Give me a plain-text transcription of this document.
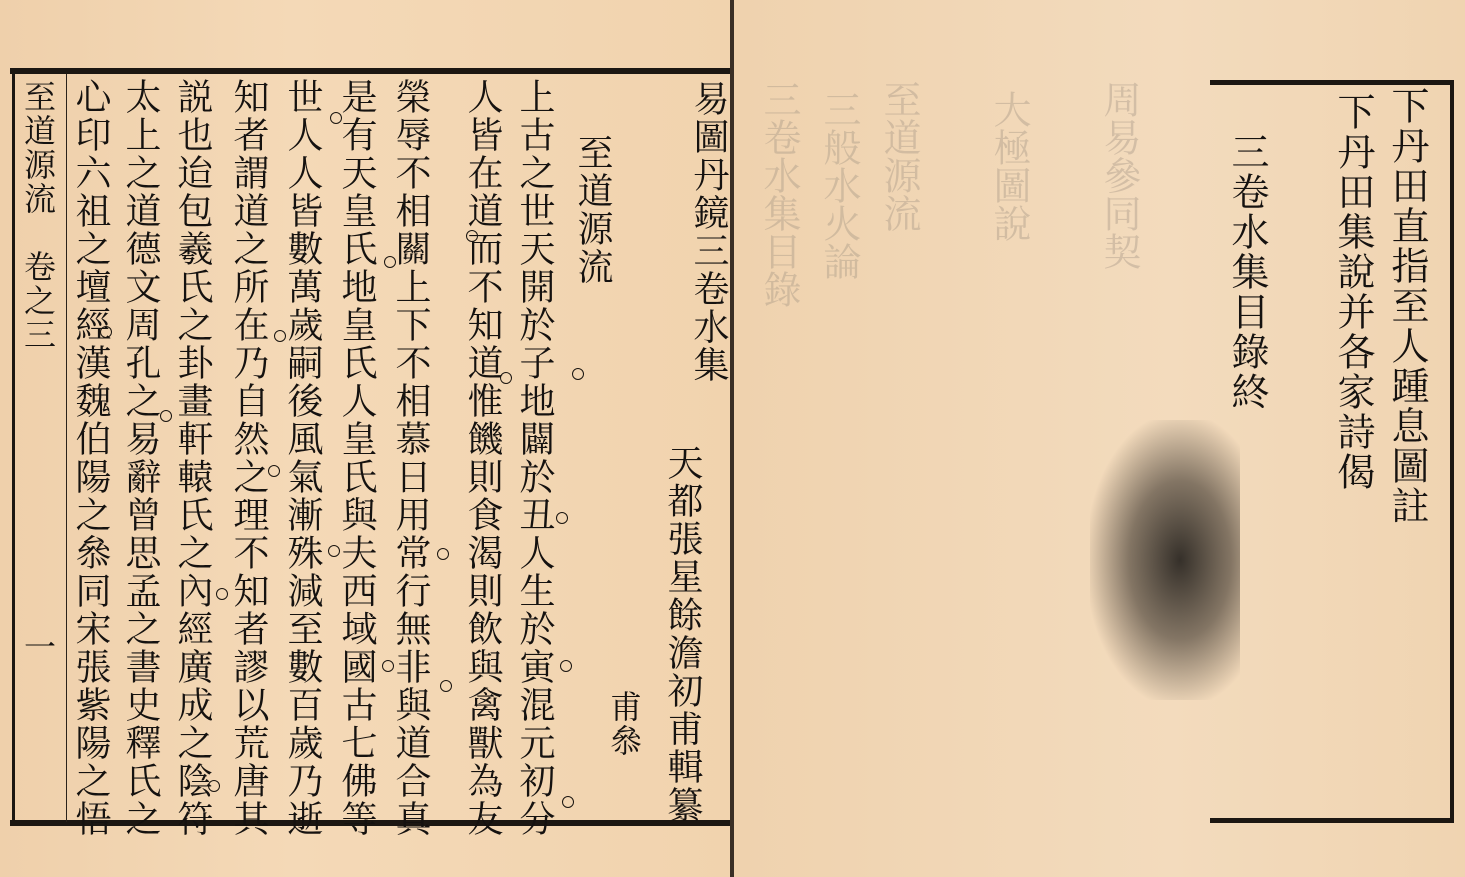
至道源流
卷之三
一 心印六祖之壇經漢魏伯陽之叅同宋張紫陽之悟 太上之道德文周孔之易辭曾思孟之書史釋氏之 説也迨包羲氏之卦畫軒轅氏之內經廣成之陰符 知者謂道之所在乃自然之理不知者謬以荒唐其 世人人皆數萬歲嗣後風氣漸殊減至數百歲乃逝 是有天皇氏地皇氏人皇氏與夫西域國古七佛等 榮辱不相關上下不相慕日用常行無非與道合真 人皆在道而不知道惟饑則食渴則飲與禽獸為友 上古之世天開於子地闢於丑人生於寅混元初分 至道源流 易圖丹鏡三卷水集
天都張星餘澹初甫輯纂
甫叅
三卷水集目錄 三般水火論 至道源流 大極圖說 周易參同契	下丹田直指至人踵息圖註
下丹田集說并各家詩偈
三卷水集目錄終
